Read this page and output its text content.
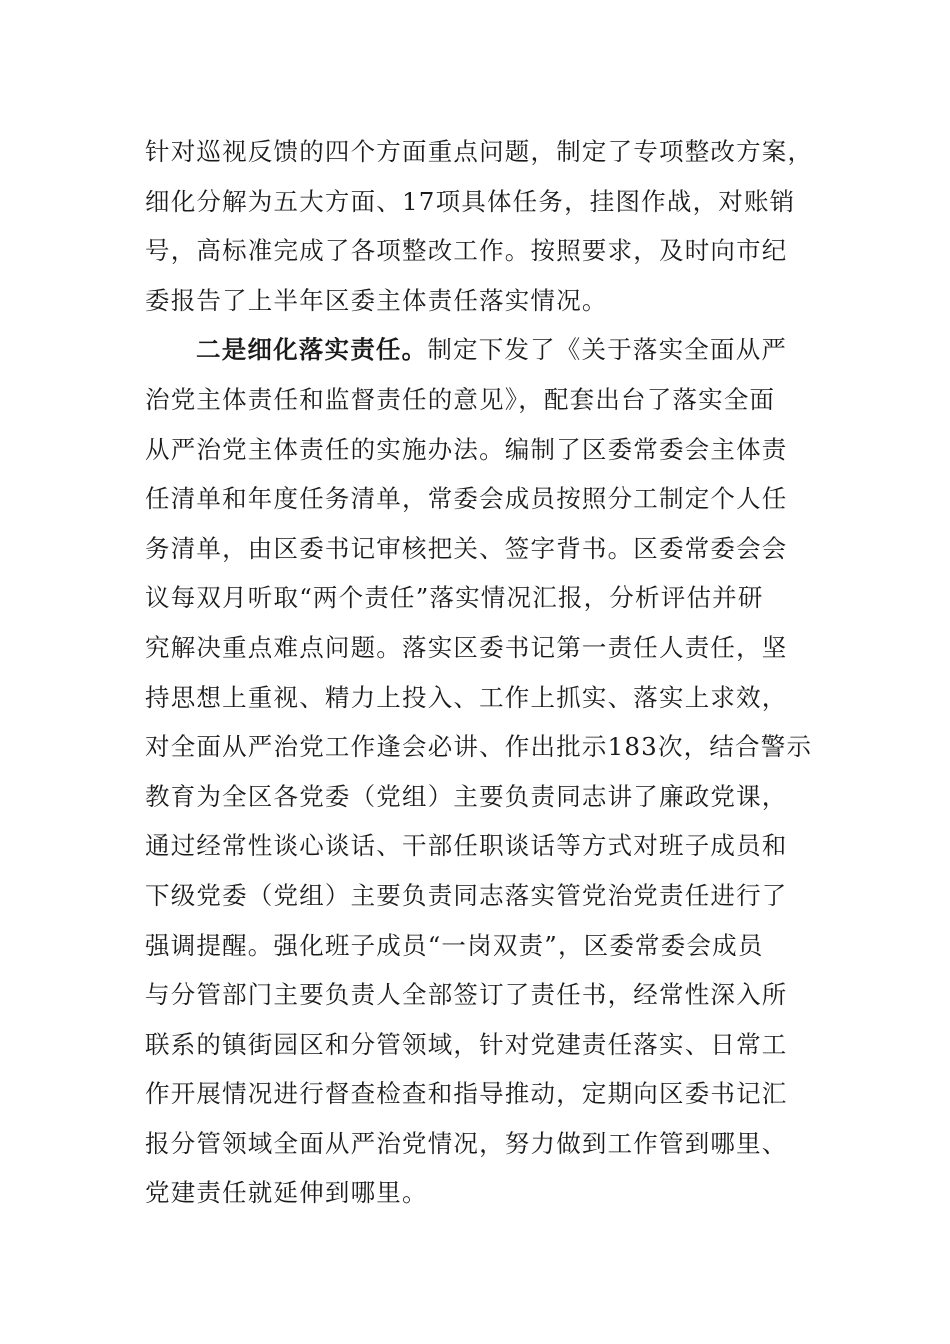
针对巡视反馈的四个方面重点问题，制定了专项整改方案，
细化分解为五大方面、17项具体任务，挂图作战，对账销
号，高标准完成了各项整改工作。按照要求，及时向市纪
委报告了上半年区委主体责任落实情况。
二是细化落实责任。制定下发了《关于落实全面从严
治党主体责任和监督责任的意见》，配套出台了落实全面
从严治党主体责任的实施办法。编制了区委常委会主体责
任清单和年度任务清单，常委会成员按照分工制定个人任
务清单，由区委书记审核把关、签字背书。区委常委会会
议每双月听取“两个责任”落实情况汇报，分析评估并研
究解决重点难点问题。落实区委书记第一责任人责任，坚
持思想上重视、精力上投入、工作上抓实、落实上求效，
对全面从严治党工作逢会必讲、作出批示183次，结合警示
教育为全区各党委（党组）主要负责同志讲了廉政党课，
通过经常性谈心谈话、干部任职谈话等方式对班子成员和
下级党委（党组）主要负责同志落实管党治党责任进行了
强调提醒。强化班子成员“一岗双责”，区委常委会成员
与分管部门主要负责人全部签订了责任书，经常性深入所
联系的镇街园区和分管领域，针对党建责任落实、日常工
作开展情况进行督查检查和指导推动，定期向区委书记汇
报分管领域全面从严治党情况，努力做到工作管到哪里、
党建责任就延伸到哪里。
